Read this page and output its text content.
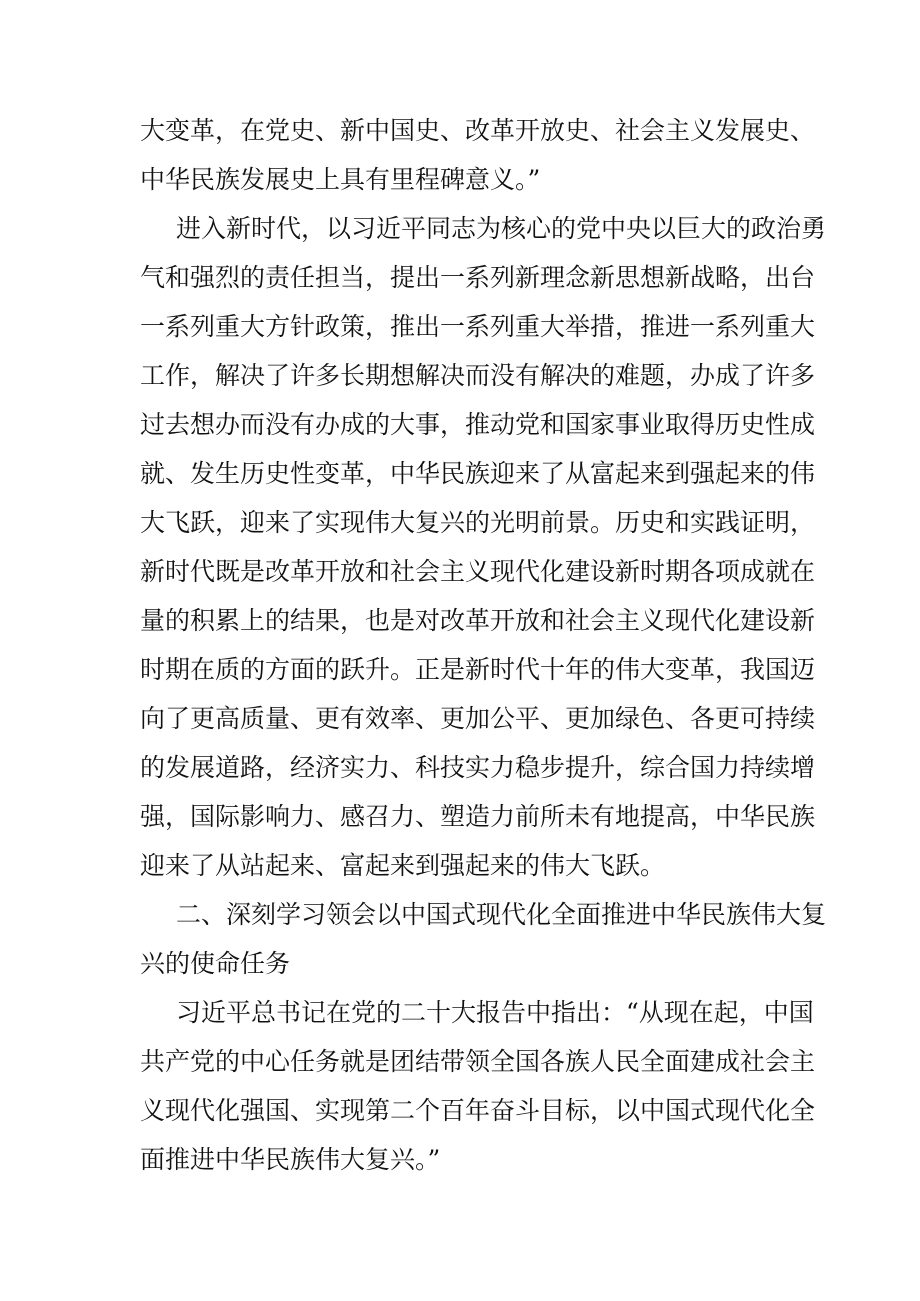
大变革，在党史、新中国史、改革开放史、社会主义发展史、
中华民族发展史上具有里程碑意义。”
进入新时代，以习近平同志为核心的党中央以巨大的政治勇
气和强烈的责任担当，提出一系列新理念新思想新战略，出台
一系列重大方针政策，推出一系列重大举措，推进一系列重大
工作，解决了许多长期想解决而没有解决的难题，办成了许多
过去想办而没有办成的大事，推动党和国家事业取得历史性成
就、发生历史性变革，中华民族迎来了从富起来到强起来的伟
大飞跃，迎来了实现伟大复兴的光明前景。历史和实践证明，
新时代既是改革开放和社会主义现代化建设新时期各项成就在
量的积累上的结果，也是对改革开放和社会主义现代化建设新
时期在质的方面的跃升。正是新时代十年的伟大变革，我国迈
向了更高质量、更有效率、更加公平、更加绿色、各更可持续
的发展道路，经济实力、科技实力稳步提升，综合国力持续增
强，国际影响力、感召力、塑造力前所未有地提高，中华民族
迎来了从站起来、富起来到强起来的伟大飞跃。
二、深刻学习领会以中国式现代化全面推进中华民族伟大复
兴的使命任务
习近平总书记在党的二十大报告中指出：“从现在起，中国
共产党的中心任务就是团结带领全国各族人民全面建成社会主
义现代化强国、实现第二个百年奋斗目标，以中国式现代化全
面推进中华民族伟大复兴。”
